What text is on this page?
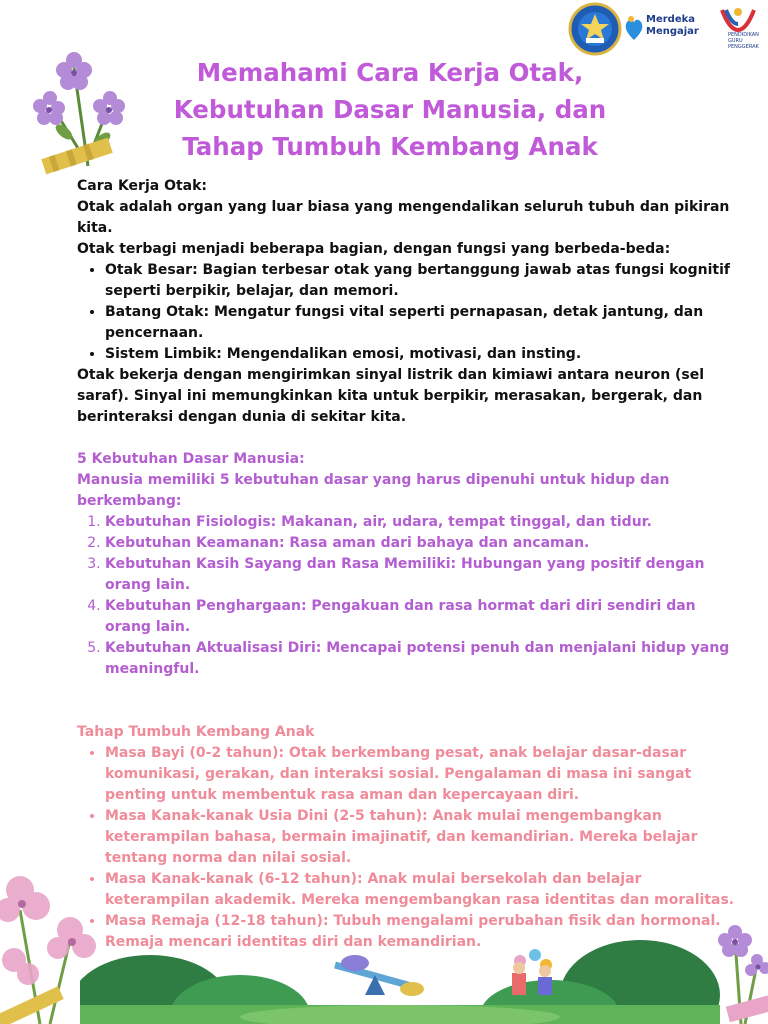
Merdeka
Mengajar	PENDIDIKAN
GURU
PENGGERAK
Memahami Cara Kerja Otak, Kebutuhan Dasar Manusia, dan Tahap Tumbuh Kembang Anak

Cara Kerja Otak:

Otak adalah organ yang luar biasa yang mengendalikan seluruh tubuh dan pikiran kita.

Otak terbagi menjadi beberapa bagian, dengan fungsi yang berbeda-beda:

• Otak Besar: Bagian terbesar otak yang bertanggung jawab atas fungsi kognitif seperti berpikir, belajar, dan memori.
• Batang Otak: Mengatur fungsi vital seperti pernapasan, detak jantung, dan pencernaan.
• Sistem Limbik: Mengendalikan emosi, motivasi, dan insting.

Otak bekerja dengan mengirimkan sinyal listrik dan kimiawi antara neuron (sel saraf). Sinyal ini memungkinkan kita untuk berpikir, merasakan, bergerak, dan berinteraksi dengan dunia di sekitar kita.

5 Kebutuhan Dasar Manusia:

Manusia memiliki 5 kebutuhan dasar yang harus dipenuhi untuk hidup dan berkembang:

1. Kebutuhan Fisiologis: Makanan, air, udara, tempat tinggal, dan tidur.
2. Kebutuhan Keamanan: Rasa aman dari bahaya dan ancaman.
3. Kebutuhan Kasih Sayang dan Rasa Memiliki: Hubungan yang positif dengan orang lain.
4. Kebutuhan Penghargaan: Pengakuan dan rasa hormat dari diri sendiri dan orang lain.
5. Kebutuhan Aktualisasi Diri: Mencapai potensi penuh dan menjalani hidup yang meaningful.

Tahap Tumbuh Kembang Anak

• Masa Bayi (0-2 tahun): Otak berkembang pesat, anak belajar dasar-dasar komunikasi, gerakan, dan interaksi sosial. Pengalaman di masa ini sangat penting untuk membentuk rasa aman dan kepercayaan diri.
• Masa Kanak-kanak Usia Dini (2-5 tahun): Anak mulai mengembangkan keterampilan bahasa, bermain imajinatif, dan kemandirian. Mereka belajar tentang norma dan nilai sosial.
• Masa Kanak-kanak (6-12 tahun): Anak mulai bersekolah dan belajar keterampilan akademik. Mereka mengembangkan rasa identitas dan moralitas.
• Masa Remaja (12-18 tahun): Tubuh mengalami perubahan fisik dan hormonal. Remaja mencari identitas diri dan kemandirian.
